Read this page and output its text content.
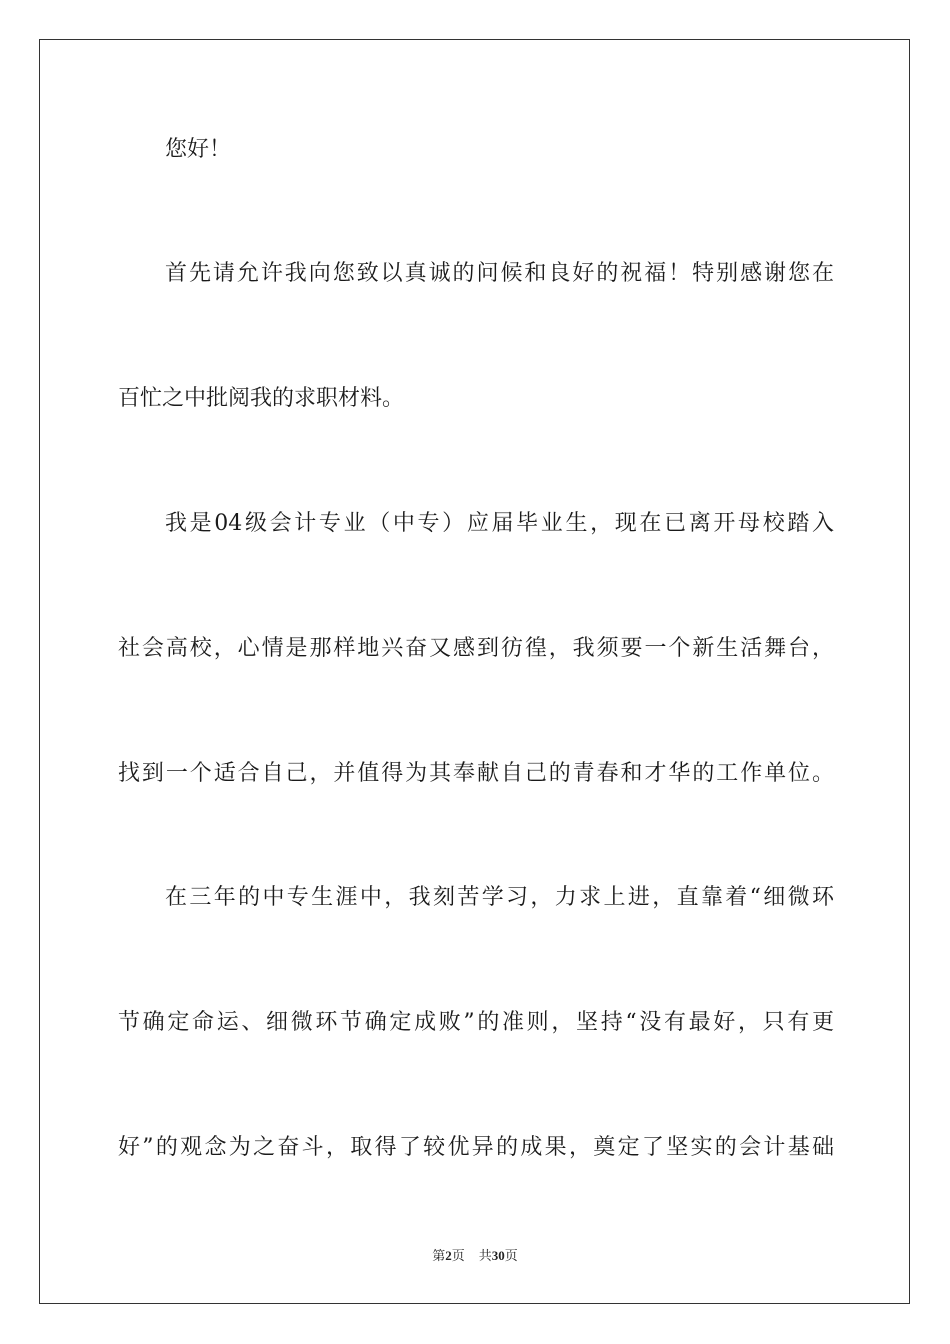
您好！
首先请允许我向您致以真诚的问候和良好的祝福！特别感谢您在
百忙之中批阅我的求职材料。
我是04级会计专业（中专）应届毕业生，现在已离开母校踏入
社会高校，心情是那样地兴奋又感到彷徨，我须要一个新生活舞台，
找到一个适合自己，并值得为其奉献自己的青春和才华的工作单位。
在三年的中专生涯中，我刻苦学习，力求上进，直靠着“细微环
节确定命运、细微环节确定成败”的准则，坚持“没有最好，只有更
好”的观念为之奋斗，取得了较优异的成果，奠定了坚实的会计基础
第2页 共30页
